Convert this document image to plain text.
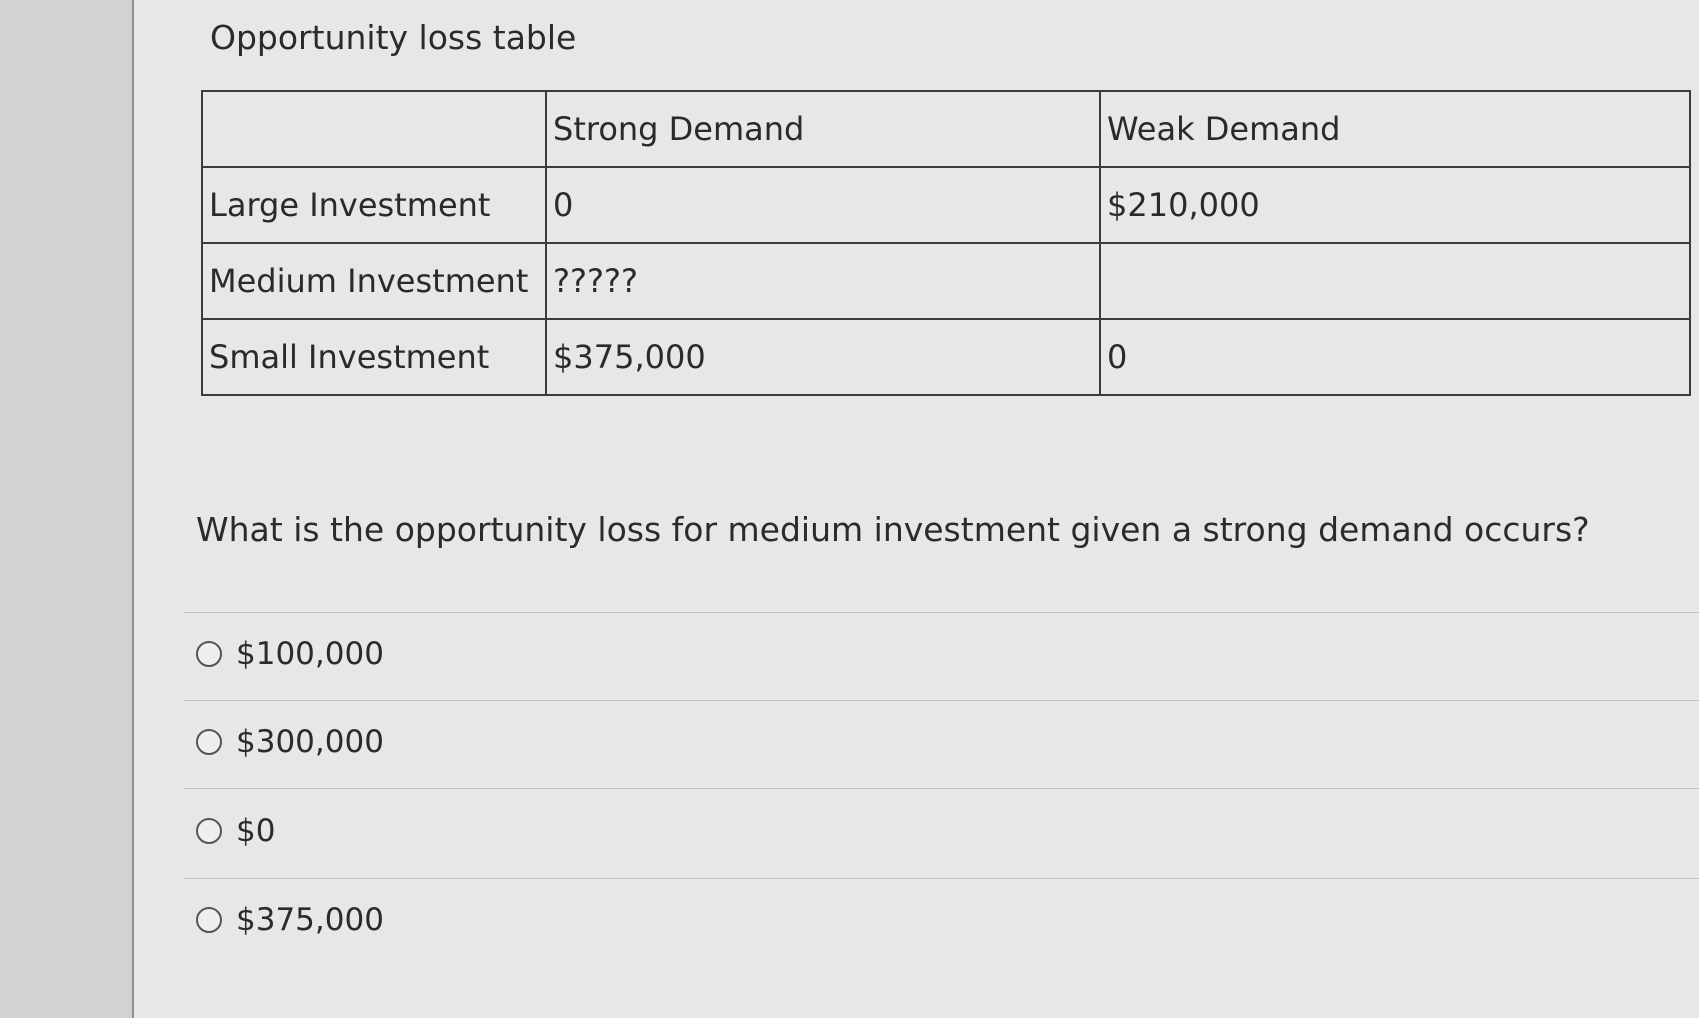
Opportunity loss table
	Strong Demand	Weak Demand
Large Investment	0	$210,000
Medium Investment	?????	
Small Investment	$375,000	0
What is the opportunity loss for medium investment given a strong demand occurs?
$100,000
$300,000
$0
$375,000
